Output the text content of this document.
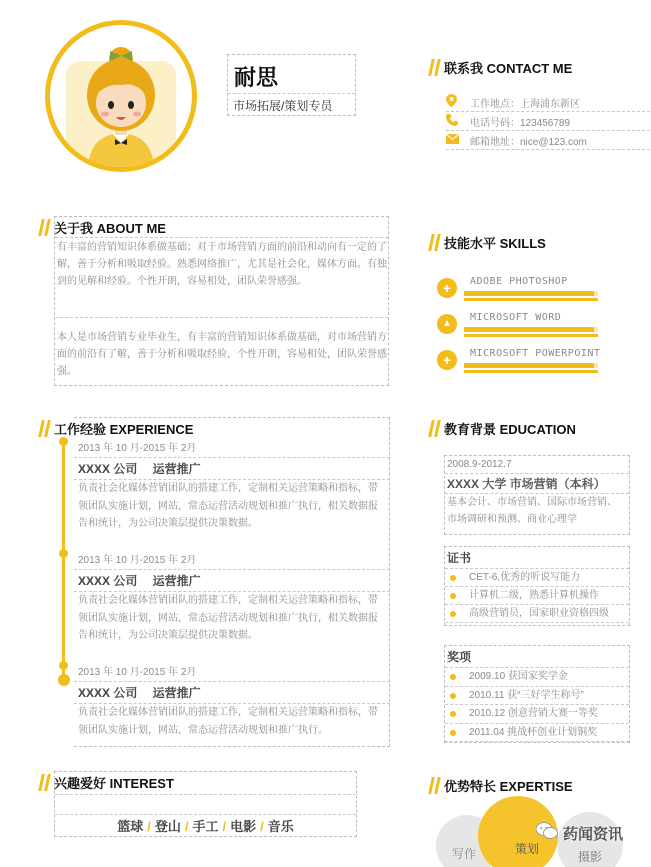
耐思
市场拓展/策划专员
联系我 CONTACT ME
工作地点：上海浦东新区
电话号码：123456789
邮箱地址：nice@123.com
关于我 ABOUT ME

有丰富的营销知识体系做基础；对于市场营销方面的前沿和动向有一定的了解，善于分析和吸取经验。熟悉网络推广，尤其是社会化，媒体方面。有独到的见解和经验。个性开朗，容易相处，团队荣誉感强。

本人是市场营销专业毕业生，有丰富的营销知识体系做基础，对市场营销方面的前沿有了解，善于分析和吸取经验，个性开朗，容易相处，团队荣誉感强。

技能水平 SKILLS
+	ADOBE PHOTOSHOP
▲
MICROSOFT WORD
+	MICROSOFT POWERPOINT
工作经验 EXPERIENCE
2013 年 10 月-2015 年 2月
XXXX 公司　 运营推广

负责社会化媒体营销团队的搭建工作，定制相关运营策略和指标，带领团队实施计划，网站，常态运营活动规划和推广执行，相关数据报告和统计，为公司决策层提供决策数据。

2013 年 10 月-2015 年 2月
XXXX 公司　 运营推广

负责社会化媒体营销团队的搭建工作，定制相关运营策略和指标，带领团队实施计划，网站，常态运营活动规划和推广执行，相关数据报告和统计，为公司决策层提供决策数据。

2013 年 10 月-2015 年 2月
XXXX 公司　 运营推广

负责社会化媒体营销团队的搭建工作，定制相关运营策略和指标，带领团队实施计划，网站，常态运营活动规划和推广执行。

教育背景 EDUCATION
2008.9-2012.7
XXXX 大学 市场营销（本科）

基本会计、市场营销、国际市场营销、市场调研和预测、商业心理学

证书
CET-6,优秀的听说写能力
计算机二级，熟悉计算机操作
高级营销员，国家职业资格四级
奖项
2009.10 获国家奖学金
2010.11 获“三好学生称号”
2010.12 创意营销大赛一等奖
2011.04 挑战杯创业计划铜奖
兴趣爱好 INTEREST
篮球 / 登山 / 手工 / 电影 / 音乐
优势特长 EXPERTISE
写作	策划
摄影
药闻资讯
